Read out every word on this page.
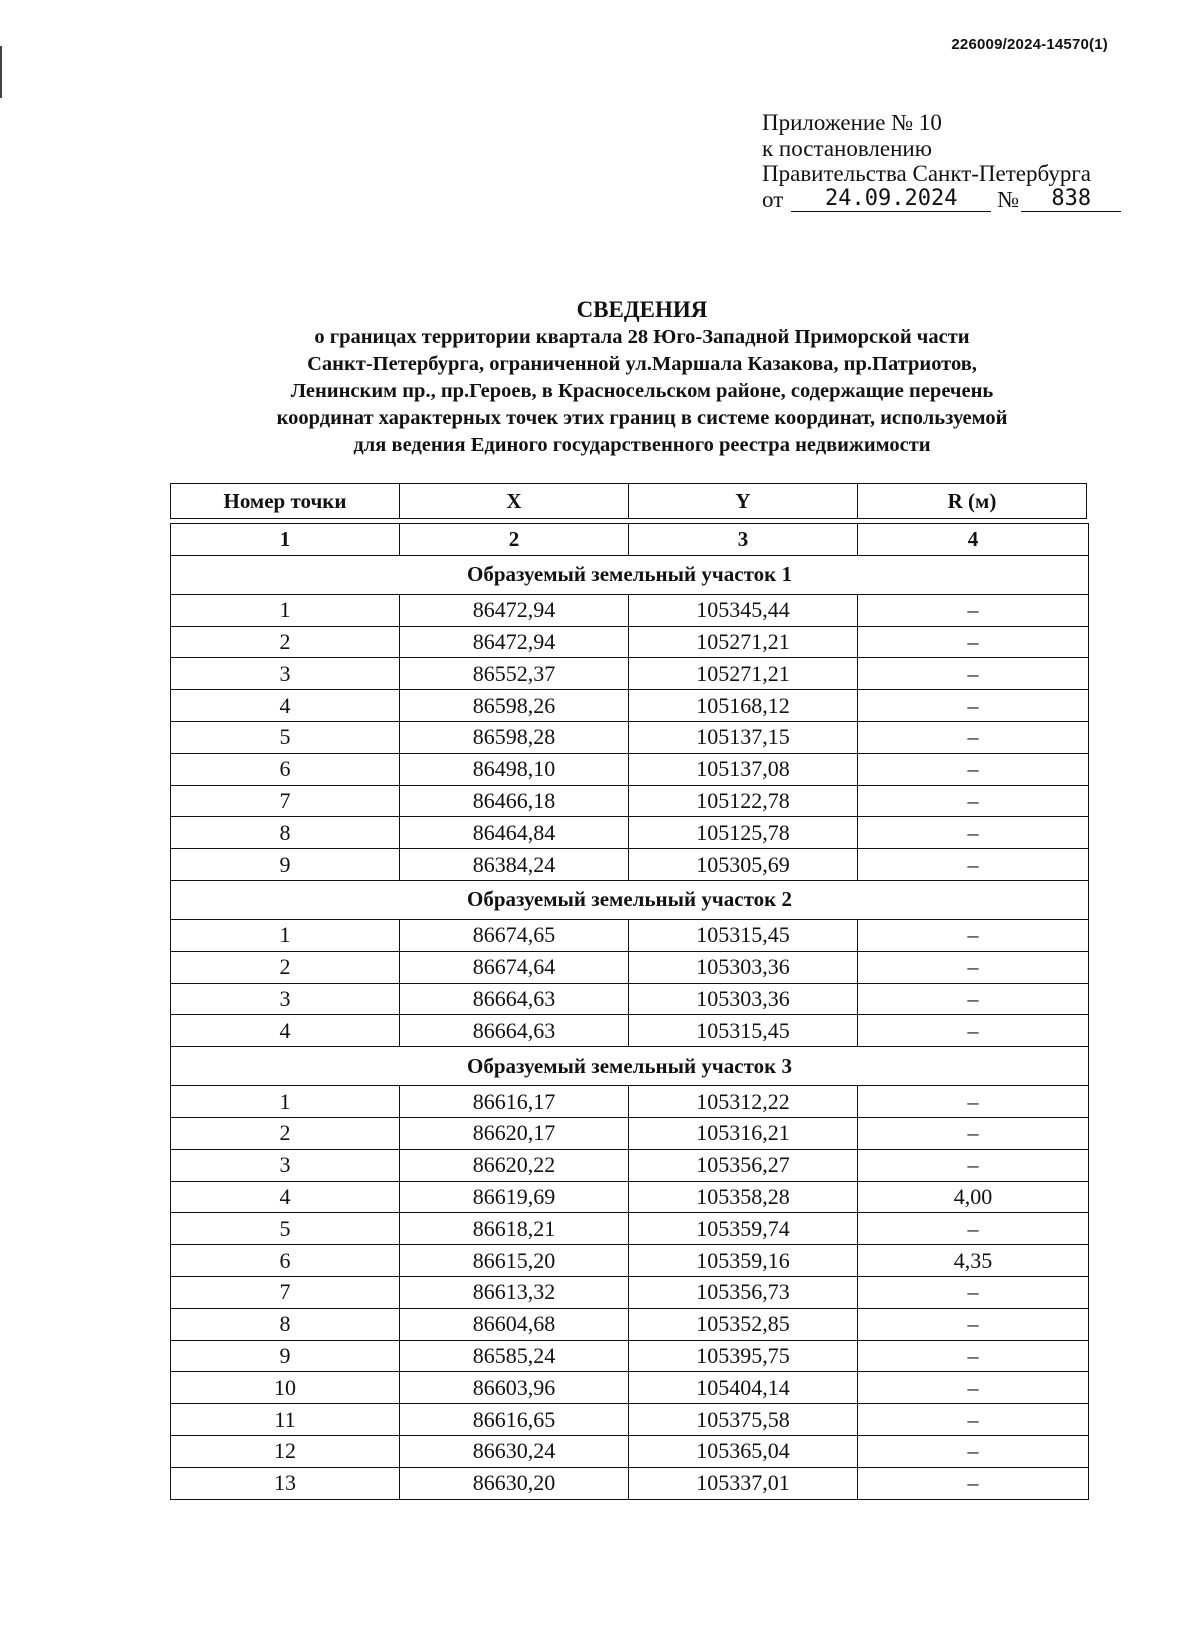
226009/2024-14570(1)
Приложение № 10
к постановлению
Правительства Санкт-Петербурга
от	24.09.2024	№	838
СВЕДЕНИЯ
о границах территории квартала 28 Юго-Западной Приморской части
Санкт-Петербурга, ограниченной ул.Маршала Казакова, пр.Патриотов,
Ленинским пр., пр.Героев, в Красносельском районе, содержащие перечень
координат характерных точек этих границ в системе координат, используемой
для ведения Единого государственного реестра недвижимости
Номер точки	X	Y	R (м)
1	2	3	4
Образуемый земельный участок 1			
1	86472,94	105345,44	–
2	86472,94	105271,21	–
3	86552,37	105271,21	–
4	86598,26	105168,12	–
5	86598,28	105137,15	–
6	86498,10	105137,08	–
7	86466,18	105122,78	–
8	86464,84	105125,78	–
9	86384,24	105305,69	–
Образуемый земельный участок 2			
1	86674,65	105315,45	–
2	86674,64	105303,36	–
3	86664,63	105303,36	–
4	86664,63	105315,45	–
Образуемый земельный участок 3			
1	86616,17	105312,22	–
2	86620,17	105316,21	–
3	86620,22	105356,27	–
4	86619,69	105358,28	4,00
5	86618,21	105359,74	–
6	86615,20	105359,16	4,35
7	86613,32	105356,73	–
8	86604,68	105352,85	–
9	86585,24	105395,75	–
10	86603,96	105404,14	–
11	86616,65	105375,58	–
12	86630,24	105365,04	–
13	86630,20	105337,01	–
